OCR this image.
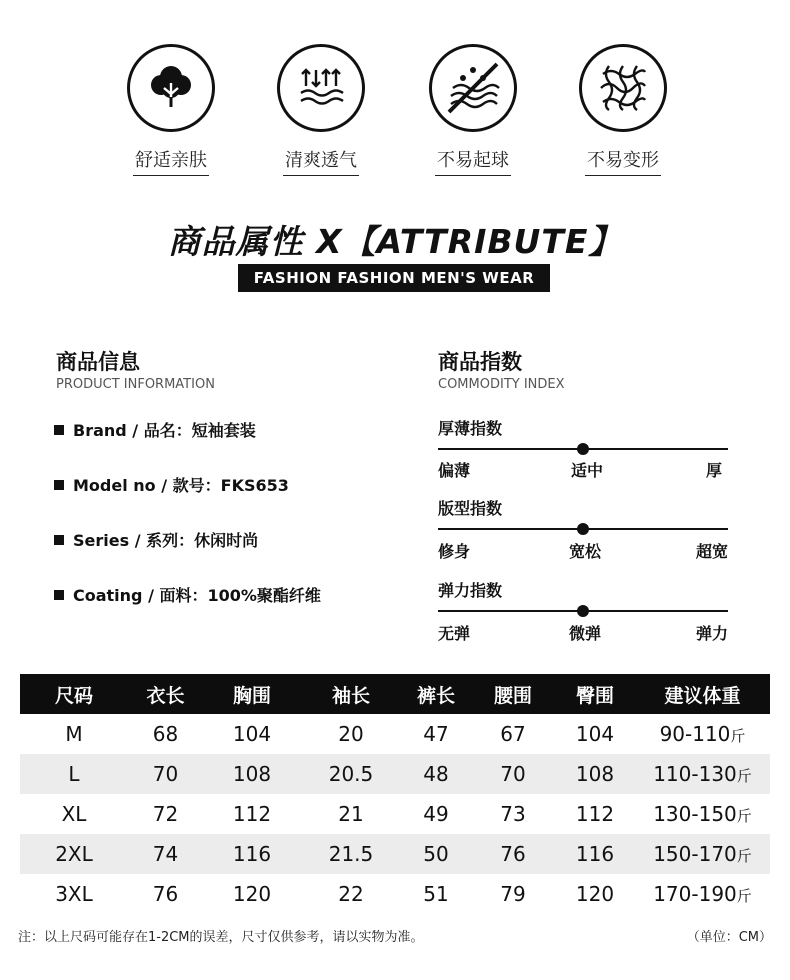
舒适亲肤	清爽透气	不易起球	不易变形
商品属性 X【ATTRIBUTE】
FASHION FASHION MEN'S WEAR
商品信息
PRODUCT INFORMATION
Brand / 品名：短袖套装
Model no / 款号：FKS653
Series / 系列：休闲时尚
Coating / 面料：100%聚酯纤维
商品指数
COMMODITY INDEX
厚薄指数
偏薄	适中	厚
版型指数
修身	宽松	超宽
弹力指数
无弹	微弹	弹力
尺码	衣长	胸围	袖长	裤长	腰围	臀围	建议体重
M	68	104	20	47	67	104	90-110斤
L	70	108	20.5	48	70	108	110-130斤
XL	72	112	21	49	73	112	130-150斤
2XL	74	116	21.5	50	76	116	150-170斤
3XL	76	120	22	51	79	120	170-190斤
注：以上尺码可能存在1-2CM的误差，尺寸仅供参考，请以实物为准。	（单位：CM）
